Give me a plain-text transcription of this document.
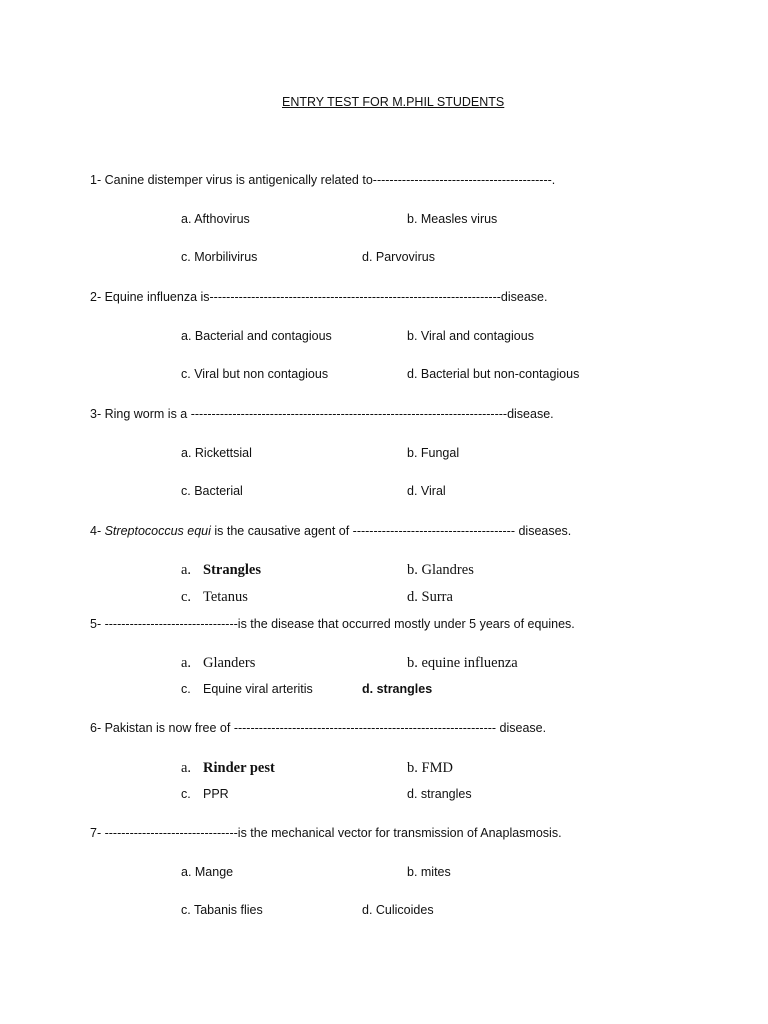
ENTRY TEST FOR M.PHIL STUDENTS
1- Canine distemper virus is antigenically related to-------------------------------------------.
a. Afthovirus	b. Measles virus
c. Morbilivirus	d. Parvovirus
2- Equine influenza is----------------------------------------------------------------------disease.
a. Bacterial and contagious	b. Viral and contagious
c. Viral but non contagious	d. Bacterial but non-contagious
3- Ring worm is a ----------------------------------------------------------------------------disease.
a. Rickettsial	b. Fungal
c. Bacterial	d. Viral
4- Streptococcus equi is the causative agent of --------------------------------------- diseases.
a. Strangles	b. Glandres
c. Tetanus	d. Surra
5- --------------------------------is the disease that occurred mostly under 5 years of equines.
a. Glanders	b. equine influenza
c. Equine viral arteritis	d. strangles
6- Pakistan is now free of --------------------------------------------------------------- disease.
a. Rinder pest	b. FMD
c. PPR	d. strangles
7- --------------------------------is the mechanical vector for transmission of Anaplasmosis.
a. Mange	b. mites
c. Tabanis flies	d. Culicoides
